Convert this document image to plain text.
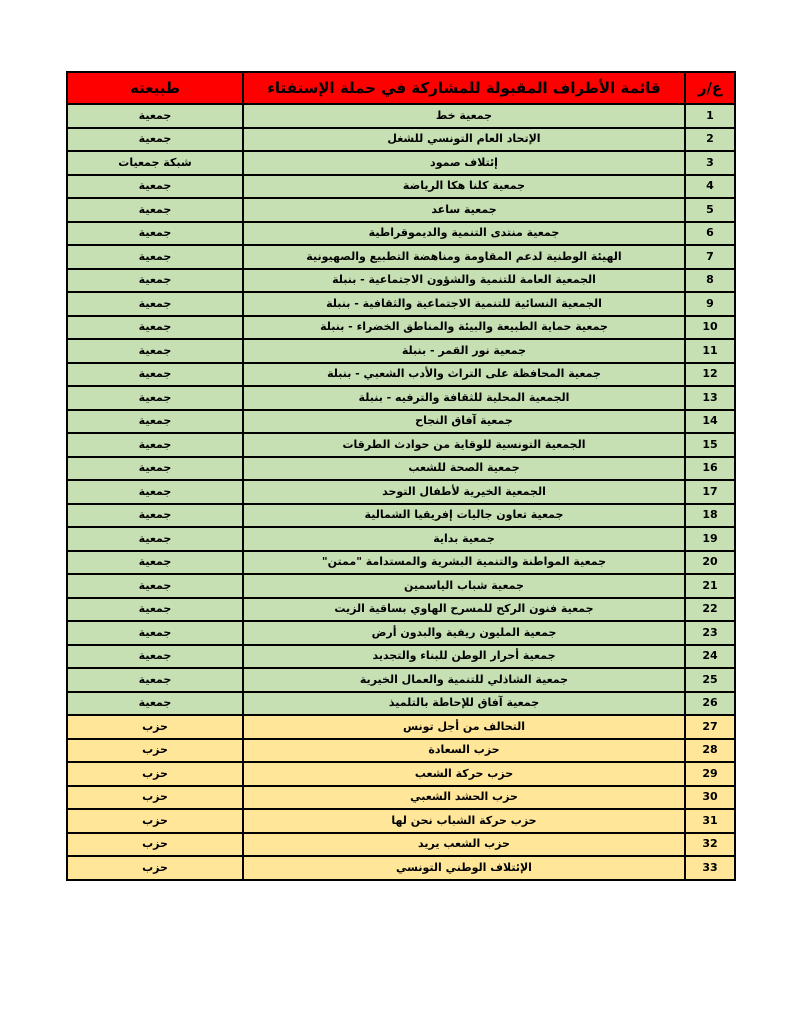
ع/ر	قائمة الأطراف المقبولة للمشاركة في حملة الإستفتاء	طبيعته
1	جمعية خط	جمعية
2	الإتحاد العام التونسي للشغل	جمعية
3	إئتلاف صمود	شبكة جمعيات
4	جمعية كلنا هكا الرياضة	جمعية
5	جمعية ساعد	جمعية
6	جمعية منتدى التنمية والديموقراطية	جمعية
7	الهيئة الوطنية لدعم المقاومة ومناهضة التطبيع والصهيونية	جمعية
8	الجمعية العامة للتنمية والشؤون الاجتماعية - بنبلة	جمعية
9	الجمعية النسائية للتنمية الاجتماعية والثقافية - بنبلة	جمعية
10	جمعية حماية الطبيعة والبيئة والمناطق الخضراء - بنبلة	جمعية
11	جمعية نور القمر - بنبلة	جمعية
12	جمعية المحافظة على التراث والأدب الشعبي - بنبلة	جمعية
13	الجمعية المحلية للثقافة والترفيه - بنبلة	جمعية
14	جمعية آفاق النجاح	جمعية
15	الجمعية التونسية للوقاية من حوادث الطرقات	جمعية
16	جمعية الصحة للشعب	جمعية
17	الجمعية الخيرية لأطفال التوحد	جمعية
18	جمعية تعاون جاليات إفريقيا الشمالية	جمعية
19	جمعية بداية	جمعية
20	جمعية المواطنة والتنمية البشرية والمستدامة "ممتن"	جمعية
21	جمعية شباب الياسمين	جمعية
22	جمعية فنون الركح للمسرح الهاوي بساقية الزيت	جمعية
23	جمعية المليون ريفية والبدون أرض	جمعية
24	جمعية أحرار الوطن للبناء والتجديد	جمعية
25	جمعية الشاذلي للتنمية والعمال الخيرية	جمعية
26	جمعية آفاق للإحاطة بالتلميذ	جمعية
27	التحالف من أجل تونس	حزب
28	حزب السعادة	حزب
29	حزب حركة الشعب	حزب
30	حزب الحشد الشعبي	حزب
31	حزب حركة الشباب نحن لها	حزب
32	حزب الشعب يريد	حزب
33	الإئتلاف الوطني التونسي	حزب
